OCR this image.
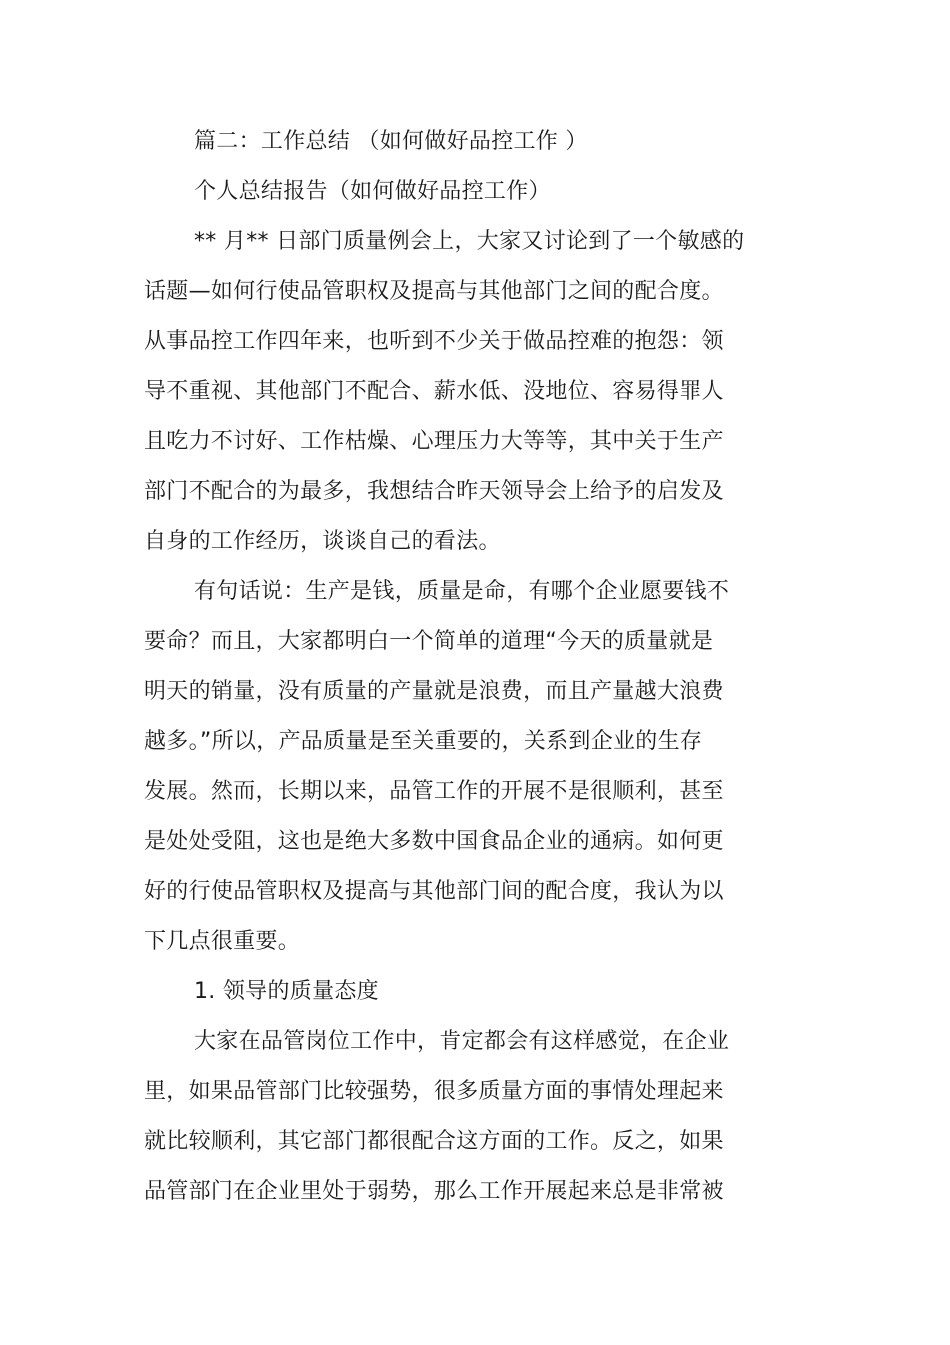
篇二：工作总结 （如何做好品控工作 ）
个人总结报告（如何做好品控工作）
** 月** 日部门质量例会上，大家又讨论到了一个敏感的
话题—如何行使品管职权及提高与其他部门之间的配合度。
从事品控工作四年来，也听到不少关于做品控难的抱怨：领
导不重视、其他部门不配合、薪水低、没地位、容易得罪人
且吃力不讨好、工作枯燥、心理压力大等等，其中关于生产
部门不配合的为最多，我想结合昨天领导会上给予的启发及
自身的工作经历，谈谈自己的看法。
有句话说：生产是钱，质量是命，有哪个企业愿要钱不
要命？而且，大家都明白一个简单的道理“今天的质量就是
明天的销量，没有质量的产量就是浪费，而且产量越大浪费
越多。”所以，产品质量是至关重要的，关系到企业的生存
发展。然而，长期以来，品管工作的开展不是很顺利，甚至
是处处受阻，这也是绝大多数中国食品企业的通病。如何更
好的行使品管职权及提高与其他部门间的配合度，我认为以
下几点很重要。
1. 领导的质量态度
大家在品管岗位工作中，肯定都会有这样感觉，在企业
里，如果品管部门比较强势，很多质量方面的事情处理起来
就比较顺利，其它部门都很配合这方面的工作。反之，如果
品管部门在企业里处于弱势，那么工作开展起来总是非常被
